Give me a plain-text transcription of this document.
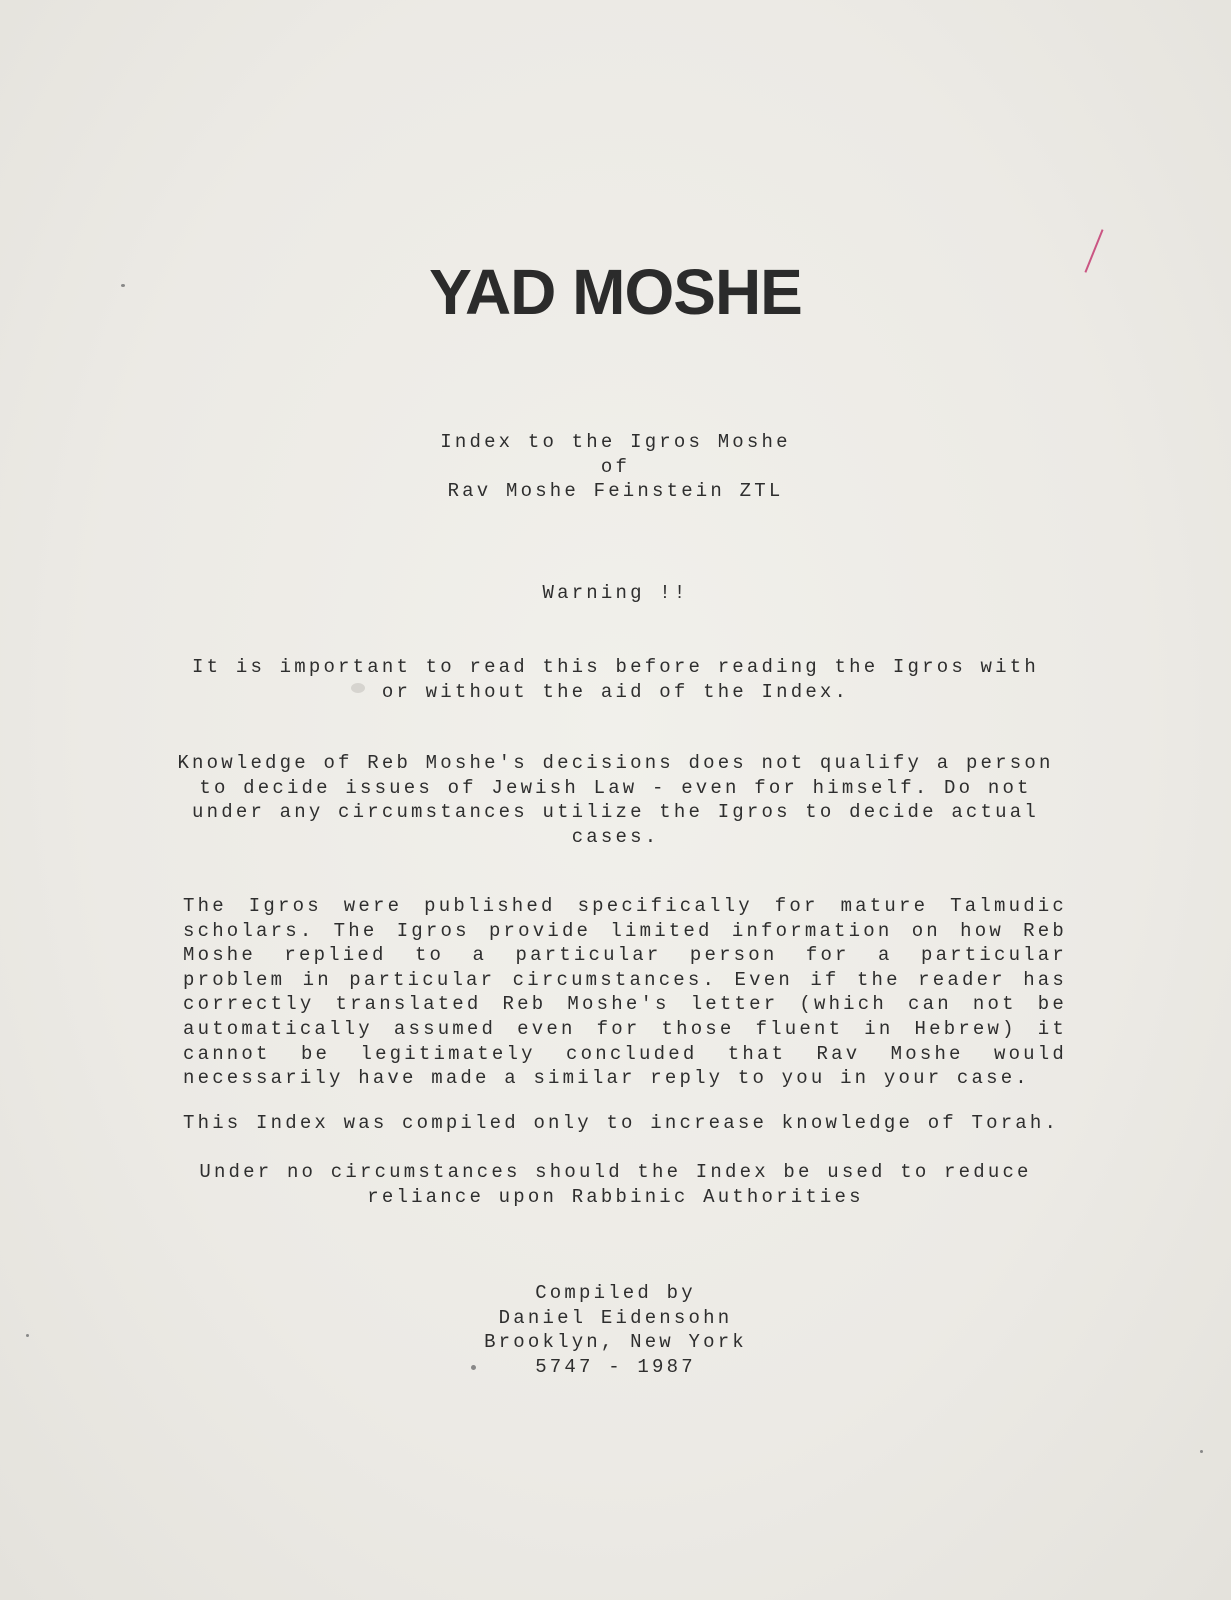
YAD MOSHE
Index to the Igros Moshe
of
Rav Moshe Feinstein ZTL
Warning !!
It is important to read this before reading the Igros with
or without the aid of the Index.
Knowledge of Reb Moshe's decisions does not qualify a person
to decide issues of Jewish Law - even for himself. Do not
under any circumstances utilize the Igros to decide actual
cases.
The Igros were published specifically for mature Talmudic
scholars. The Igros provide limited information on how Reb
Moshe replied to a particular person for a particular
problem in particular circumstances. Even if the reader has
correctly translated Reb Moshe's letter (which can not be
automatically assumed even for those fluent in Hebrew) it
cannot be legitimately concluded that Rav Moshe would
necessarily have made a similar reply to you in your case.
This Index was compiled only to increase knowledge of Torah.
Under no circumstances should the Index be used to reduce
reliance upon Rabbinic Authorities
Compiled by
Daniel Eidensohn
Brooklyn, New York
5747 - 1987
